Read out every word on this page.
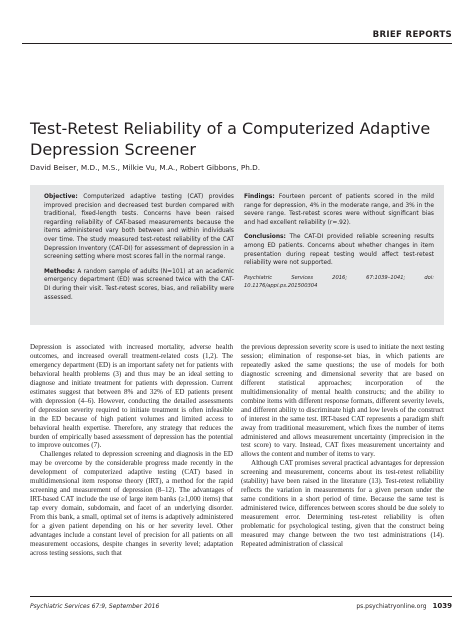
BRIEF REPORTS
Test-Retest Reliability of a Computerized Adaptive Depression Screener
David Beiser, M.D., M.S., Milkie Vu, M.A., Robert Gibbons, Ph.D.

Objective: Computerized adaptive testing (CAT) provides improved precision and decreased test burden compared with traditional, fixed-length tests. Concerns have been raised regarding reliability of CAT-based measurements because the items administered vary both between and within individuals over time. The study measured test-retest reliability of the CAT Depression Inventory (CAT-DI) for assessment of depression in a screening setting where most scores fall in the normal range.

Methods: A random sample of adults (N=101) at an academic emergency department (ED) was screened twice with the CAT-DI during their visit. Test-retest scores, bias, and reliability were assessed.

Findings: Fourteen percent of patients scored in the mild range for depression, 4% in the moderate range, and 3% in the severe range. Test-retest scores were without significant bias and had excellent reliability (r=.92).

Conclusions: The CAT-DI provided reliable screening results among ED patients. Concerns about whether changes in item presentation during repeat testing would affect test-retest reliability were not supported.

Psychiatric Services 2016; 67:1039–1041; doi: 10.1176/appi.ps.201500304

Depression is associated with increased mortality, adverse health outcomes, and increased overall treatment-related costs (1,2). The emergency department (ED) is an important safety net for patients with behavioral health problems (3) and thus may be an ideal setting to diagnose and initiate treatment for patients with depression. Current estimates suggest that between 8% and 32% of ED patients present with depression (4–6). However, conducting the detailed assessments of depression severity required to initiate treatment is often infeasible in the ED because of high patient volumes and limited access to behavioral health expertise. Therefore, any strategy that reduces the burden of empirically based assessment of depression has the potential to improve outcomes (7).

Challenges related to depression screening and diagnosis in the ED may be overcome by the considerable progress made recently in the development of computerized adaptive testing (CAT) based in multidimensional item response theory (IRT), a method for the rapid screening and measurement of depression (8–12). The advantages of IRT-based CAT include the use of large item banks (≥1,000 items) that tap every domain, subdomain, and facet of an underlying disorder. From this bank, a small, optimal set of items is adaptively administered for a given patient depending on his or her severity level. Other advantages include a constant level of precision for all patients on all measurement occasions, despite changes in severity level; adaptation across testing sessions, such that

the previous depression severity score is used to initiate the next testing session; elimination of response-set bias, in which patients are repeatedly asked the same questions; the use of models for both diagnostic screening and dimensional severity that are based on different statistical approaches; incorporation of the multidimensionality of mental health constructs; and the ability to combine items with different response formats, different severity levels, and different ability to discriminate high and low levels of the construct of interest in the same test. IRT-based CAT represents a paradigm shift away from traditional measurement, which fixes the number of items administered and allows measurement uncertainty (imprecision in the test score) to vary. Instead, CAT fixes measurement uncertainty and allows the content and number of items to vary.

Although CAT promises several practical advantages for depression screening and measurement, concerns about its test-retest reliability (stability) have been raised in the literature (13). Test-retest reliability reflects the variation in measurements for a given person under the same conditions in a short period of time. Because the same test is administered twice, differences between scores should be due solely to measurement error. Determining test-retest reliability is often problematic for psychological testing, given that the construct being measured may change between the two test administrations (14). Repeated administration of classical

Psychiatric Services 67:9, September 2016	ps.psychiatryonline.org 1039
